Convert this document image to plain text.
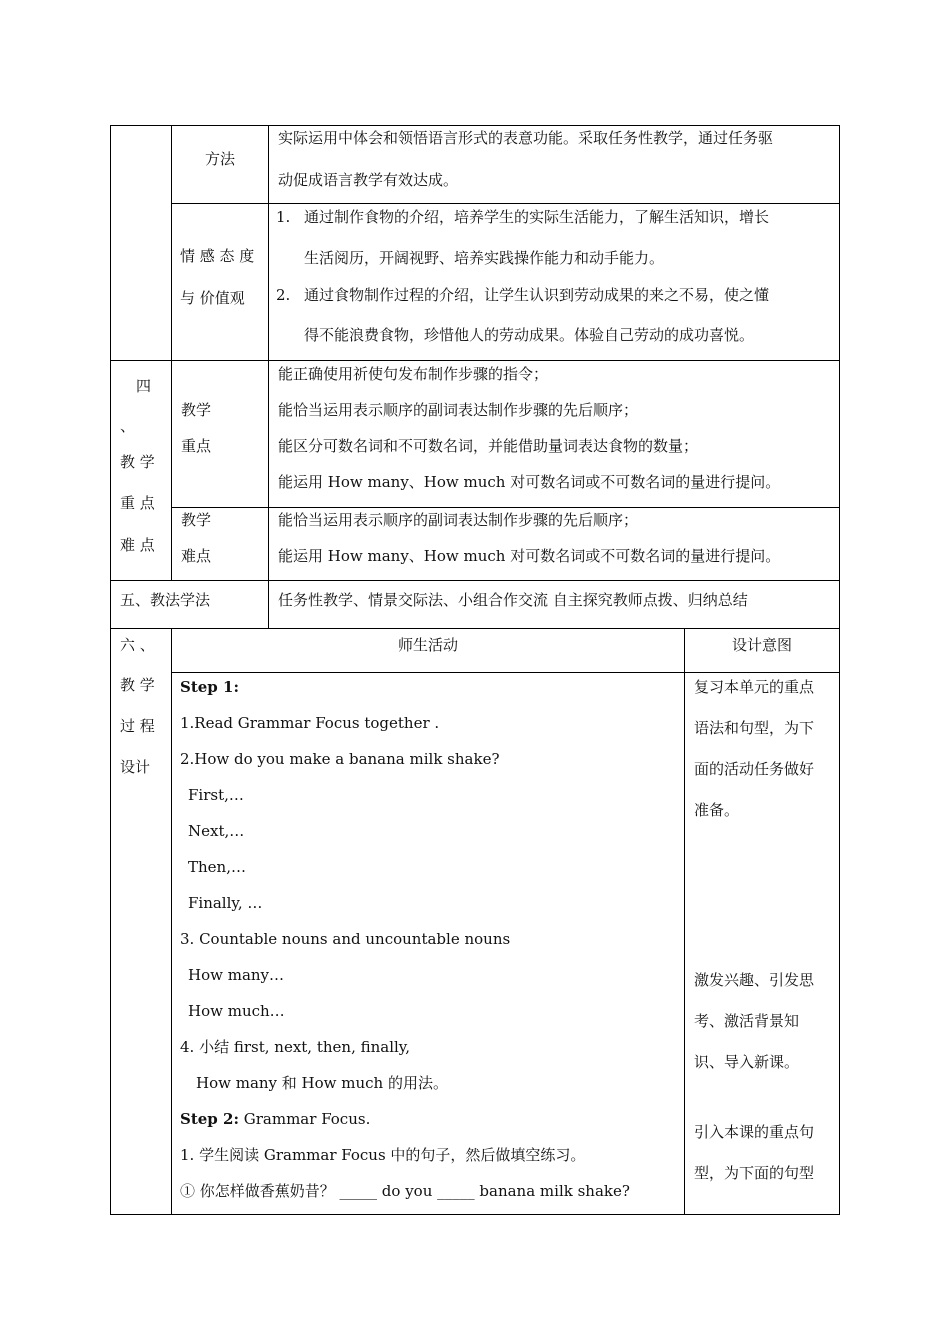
方法
实际运用中体会和领悟语言形式的表意功能。采取任务性教学，通过任务驱
动促成语言教学有效达成。
情 感 态 度
与 价值观
1. 通过制作食物的介绍，培养学生的实际生活能力，了解生活知识，增长
生活阅历，开阔视野、培养实践操作能力和动手能力。
2. 通过食物制作过程的介绍，让学生认识到劳动成果的来之不易，使之懂
得不能浪费食物，珍惜他人的劳动成果。体验自己劳动的成功喜悦。
四
、
教 学
重 点
难 点
教学
重点
能正确使用祈使句发布制作步骤的指令；
能恰当运用表示顺序的副词表达制作步骤的先后顺序；
能区分可数名词和不可数名词，并能借助量词表达食物的数量；
能运用 How many、How much 对可数名词或不可数名词的量进行提问。
教学
难点
能恰当运用表示顺序的副词表达制作步骤的先后顺序；
能运用 How many、How much 对可数名词或不可数名词的量进行提问。
五、教法学法	任务性教学、情景交际法、小组合作交流 自主探究教师点拨、归纳总结
六 、
教 学
过 程
设计
师生活动	设计意图
Step 1:
1.Read Grammar Focus together .
2.How do you make a banana milk shake?
First,…
Next,…
Then,…
Finally, …
3. Countable nouns and uncountable nouns
How many…
How much…
4. 小结 first, next, then, finally,
How many 和 How much 的用法。
Step 2: Grammar Focus.
1. 学生阅读 Grammar Focus 中的句子，然后做填空练习。
① 你怎样做香蕉奶昔？ _____ do you _____ banana milk shake?
复习本单元的重点
语法和句型，为下
面的活动任务做好
准备。
激发兴趣、引发思
考、激活背景知
识、导入新课。
引入本课的重点句
型，为下面的句型
